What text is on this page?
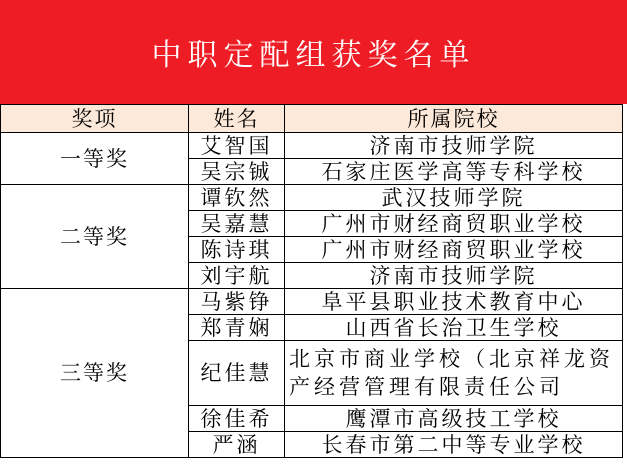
中职定配组获奖名单
奖项	姓名	所属院校
一等奖	艾智国	济南市技师学院
	吴宗铖	石家庄医学高等专科学校
二等奖	谭钦然	武汉技师学院
	吴嘉慧	广州市财经商贸职业学校
	陈诗琪	广州市财经商贸职业学校
	刘宇航	济南市技师学院
三等奖	马紫铮	阜平县职业技术教育中心
	郑青娴	山西省长治卫生学校
	纪佳慧	北京市商业学校（北京祥龙资产经营管理有限责任公司
	徐佳希	鹰潭市高级技工学校
	严涵	长春市第二中等专业学校
